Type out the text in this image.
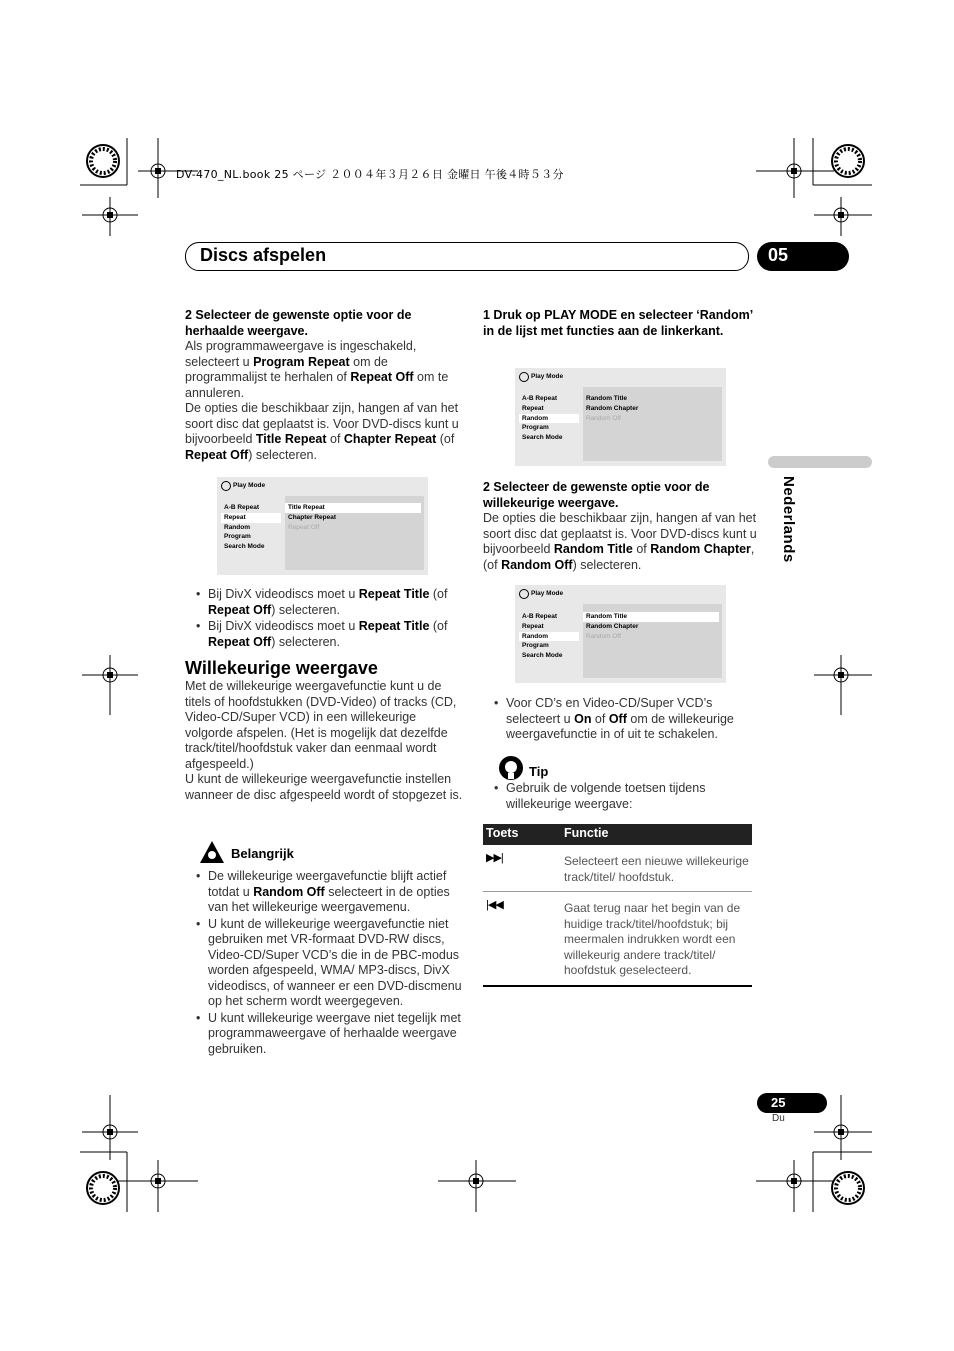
DV-470_NL.book 25 ページ ２００４年３月２６日 金曜日 午後４時５３分
Discs afspelen	05
Nederlands

2 Selecteer de gewenste optie voor de herhaalde weergave.

Als programmaweergave is ingeschakeld, selecteert u Program Repeat om de programmalijst te herhalen of Repeat Off om te annuleren.

De opties die beschikbaar zijn, hangen af van het soort disc dat geplaatst is. Voor DVD-discs kunt u bijvoorbeeld Title Repeat of Chapter Repeat (of Repeat Off) selecteren.

Play Mode
A-B Repeat
Repeat
Random
Program
Search Mode
Title Repeat
Chapter Repeat
Repeat Off
• Bij DivX videodiscs moet u Repeat Title (of Repeat Off) selecteren.
• Bij DivX videodiscs moet u Repeat Title (of Repeat Off) selecteren.

Willekeurige weergave

Met de willekeurige weergavefunctie kunt u de titels of hoofdstukken (DVD-Video) of tracks (CD, Video-CD/Super VCD) in een willekeurige volgorde afspelen. (Het is mogelijk dat dezelfde track/titel/hoofdstuk vaker dan eenmaal wordt afgespeeld.)

U kunt de willekeurige weergavefunctie instellen wanneer de disc afgespeeld wordt of stopgezet is.

Belangrijk
• De willekeurige weergavefunctie blijft actief totdat u Random Off selecteert in de opties van het willekeurige weergavemenu.
• U kunt de willekeurige weergavefunctie niet gebruiken met VR-formaat DVD-RW discs, Video-CD/Super VCD’s die in de PBC-modus worden afgespeeld, WMA/ MP3-discs, DivX videodiscs, of wanneer er een DVD-discmenu op het scherm wordt weergegeven.
• U kunt willekeurige weergave niet tegelijk met programmaweergave of herhaalde weergave gebruiken.

1 Druk op PLAY MODE en selecteer ‘Random’ in de lijst met functies aan de linkerkant.

Play Mode
A-B Repeat
Repeat
Random
Program
Search Mode
Random Title
Random Chapter
Random Off

2 Selecteer de gewenste optie voor de willekeurige weergave.

De opties die beschikbaar zijn, hangen af van het soort disc dat geplaatst is. Voor DVD-discs kunt u bijvoorbeeld Random Title of Random Chapter, (of Random Off) selecteren.

Play Mode
A-B Repeat
Repeat
Random
Program
Search Mode
Random Title
Random Chapter
Random Off
• Voor CD’s en Video-CD/Super VCD’s selecteert u On of Off om de willekeurige weergavefunctie in of uit te schakelen.
Tip
• Gebruik de volgende toetsen tijdens willekeurige weergave:
Toets	Functie
▶▶|	Selecteert een nieuwe willekeurige track/titel/ hoofdstuk.
|◀◀	Gaat terug naar het begin van de huidige track/titel/hoofdstuk; bij meermalen indrukken wordt een willekeurig andere track/titel/ hoofdstuk geselecteerd.
25
Du
